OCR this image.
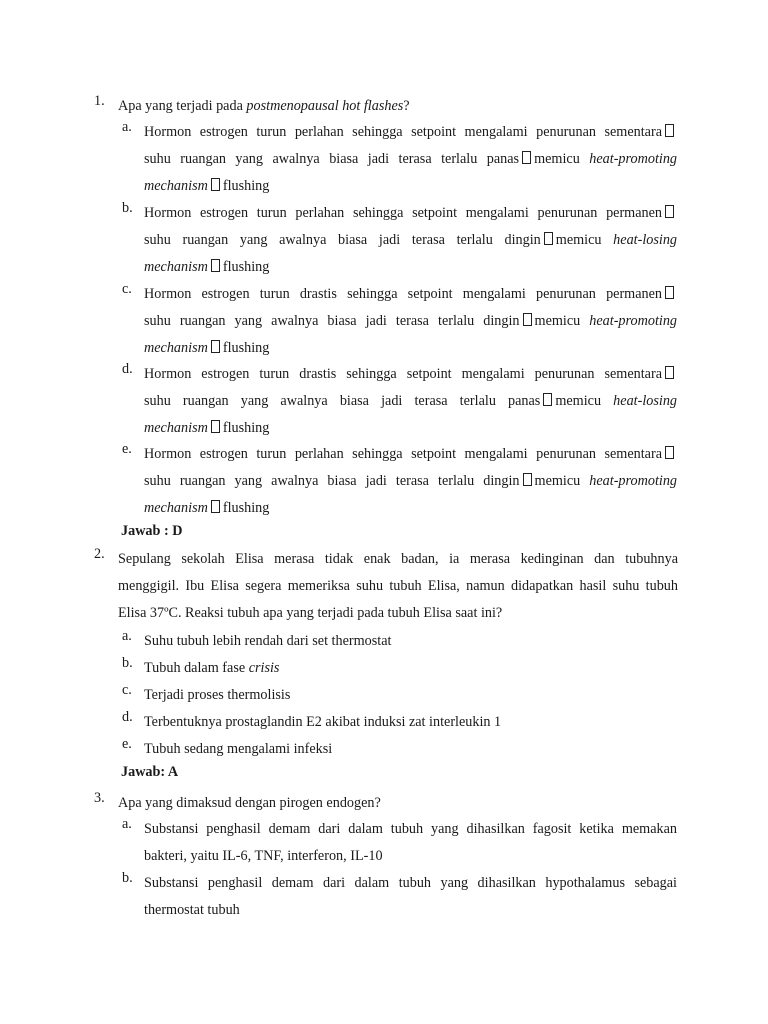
1. Apa yang terjadi pada postmenopausal hot flashes?
a. Hormon estrogen turun perlahan sehingga setpoint mengalami penurunan sementara
suhu ruangan yang awalnya biasa jadi terasa terlalu panas memicu heat-promoting
mechanism flushing
b. Hormon estrogen turun perlahan sehingga setpoint mengalami penurunan permanen
suhu ruangan yang awalnya biasa jadi terasa terlalu dingin memicu heat-losing
mechanism flushing
c. Hormon estrogen turun drastis sehingga setpoint mengalami penurunan permanen
suhu ruangan yang awalnya biasa jadi terasa terlalu dingin memicu heat-promoting
mechanism flushing
d. Hormon estrogen turun drastis sehingga setpoint mengalami penurunan sementara
suhu ruangan yang awalnya biasa jadi terasa terlalu panas memicu heat-losing
mechanism flushing
e. Hormon estrogen turun perlahan sehingga setpoint mengalami penurunan sementara
suhu ruangan yang awalnya biasa jadi terasa terlalu dingin memicu heat-promoting
mechanism flushing
Jawab : D
2. Sepulang sekolah Elisa merasa tidak enak badan, ia merasa kedinginan dan tubuhnya
menggigil. Ibu Elisa segera memeriksa suhu tubuh Elisa, namun didapatkan hasil suhu tubuh
Elisa 37ºC. Reaksi tubuh apa yang terjadi pada tubuh Elisa saat ini?
a. Suhu tubuh lebih rendah dari set thermostat
b. Tubuh dalam fase crisis
c. Terjadi proses thermolisis
d. Terbentuknya prostaglandin E2 akibat induksi zat interleukin 1
e. Tubuh sedang mengalami infeksi
Jawab: A
3. Apa yang dimaksud dengan pirogen endogen?
a. Substansi penghasil demam dari dalam tubuh yang dihasilkan fagosit ketika memakan
bakteri, yaitu IL-6, TNF, interferon, IL-10
b. Substansi penghasil demam dari dalam tubuh yang dihasilkan hypothalamus sebagai
thermostat tubuh
